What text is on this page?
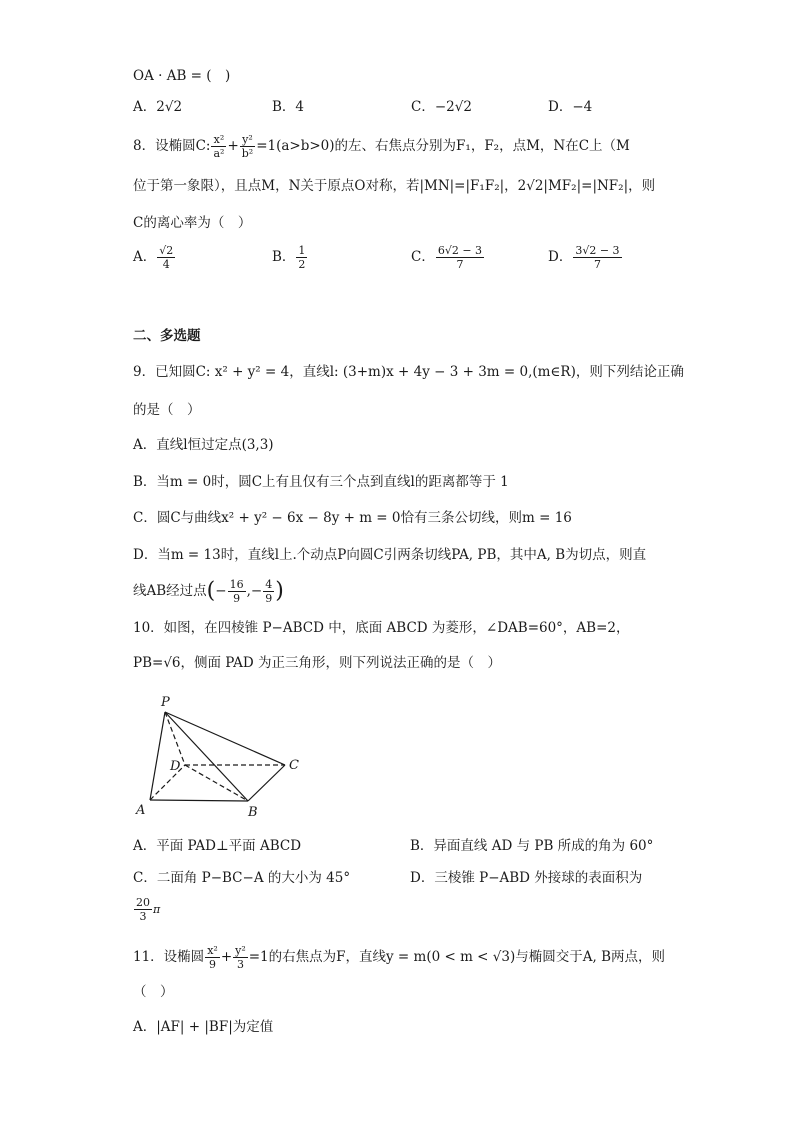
OA · AB = (　)
A．2√2	B．4	C．−2√2	D．−4
8．设椭圆C: $\frac{\text{x²}}{\text{a²}} + \frac{\text{y²}}{\text{b²}} =1(a>b>0)$的左、右焦点分别为F₁，F₂，点M，N在C上（M
位于第一象限），且点M，N关于原点O对称，若|MN|=|F₁F₂|，2√2|MF₂|=|NF₂|，则
C的离心率为（　）
A． $\frac{√2}{4}$	B． $\frac{1}{2}$	C． $\frac{6√2 - 3}{7}$	D． $\frac{3√2 - 3}{7}$
二、多选题
9．已知圆C: x² + y² = 4，直线l: (3+m)x + 4y − 3 + 3m = 0,(m∈R)，则下列结论正确
的是（　）
A．直线l恒过定点(3,3)
B．当m = 0时，圆C上有且仅有三个点到直线l的距离都等于 1
C．圆C与曲线x² + y² − 6x − 8y + m = 0恰有三条公切线，则m = 16
D．当m = 13时，直线l上.个动点P向圆C引两条切线PA, PB，其中A, B为切点，则直
线AB经过点(− $\frac{16}{9}$ ,− $\frac{4}{9}$ )
10．如图，在四棱锥 P−ABCD 中，底面 ABCD 为菱形，∠DAB=60°，AB=2，
PB=√6，侧面 PAD 为正三角形，则下列说法正确的是（　）
P
D	C
A	B
A．平面 PAD⊥平面 ABCD	B．异面直线 AD 与 PB 所成的角为 60°
C．二面角 P−BC−A 的大小为 45°	D．三棱锥 P−ABD 外接球的表面积为
$\frac{20}{3}$ π
11．设椭圆 $\frac{\text{x²}}{9} + \frac{\text{y²}}{3} =1$的右焦点为F，直线y = m(0 < m < √3)与椭圆交于A, B两点，则
（　）
A．|AF| + |BF|为定值
